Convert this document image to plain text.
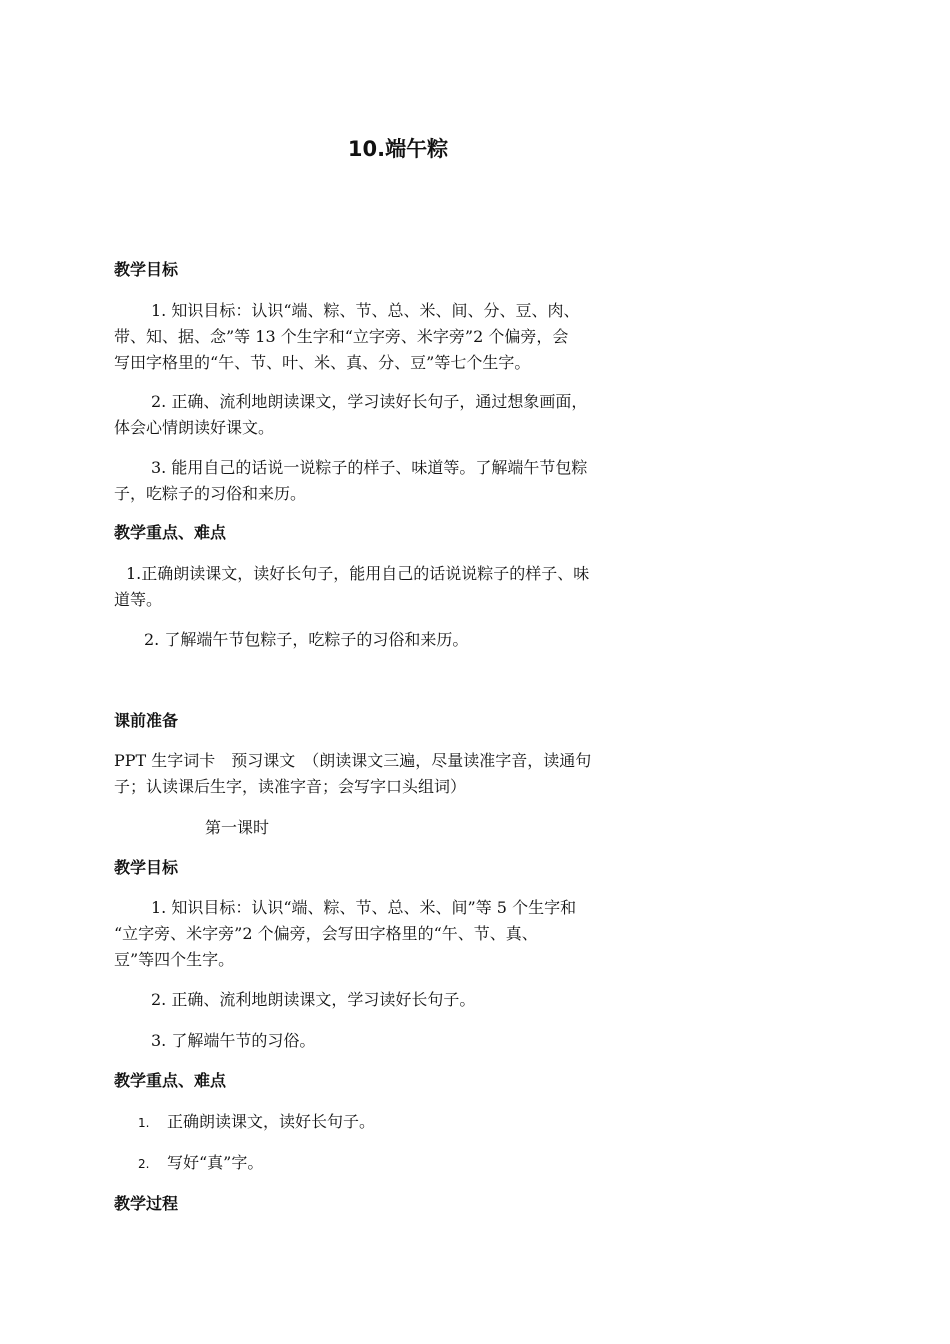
10.端午粽
教学目标
1. 知识目标：认识“端、粽、节、总、米、间、分、豆、肉、
带、知、据、念”等 13 个生字和“立字旁、米字旁”2 个偏旁，会
写田字格里的“午、节、叶、米、真、分、豆”等七个生字。
2. 正确、流利地朗读课文，学习读好长句子，通过想象画面，
体会心情朗读好课文。
3. 能用自己的话说一说粽子的样子、味道等。了解端午节包粽
子，吃粽子的习俗和来历。
教学重点、难点
1.正确朗读课文，读好长句子，能用自己的话说说粽子的样子、味
道等。
2. 了解端午节包粽子，吃粽子的习俗和来历。
课前准备
PPT 生字词卡　预习课文　（朗读课文三遍，尽量读准字音，读通句
子；认读课后生字，读准字音；会写字口头组词）
第一课时
教学目标
1. 知识目标：认识“端、粽、节、总、米、间”等 5 个生字和
“立字旁、米字旁”2 个偏旁，会写田字格里的“午、节、真、
豆”等四个生字。
2. 正确、流利地朗读课文，学习读好长句子。
3. 了解端午节的习俗。
教学重点、难点
1. 正确朗读课文，读好长句子。
2. 写好“真”字。
教学过程
